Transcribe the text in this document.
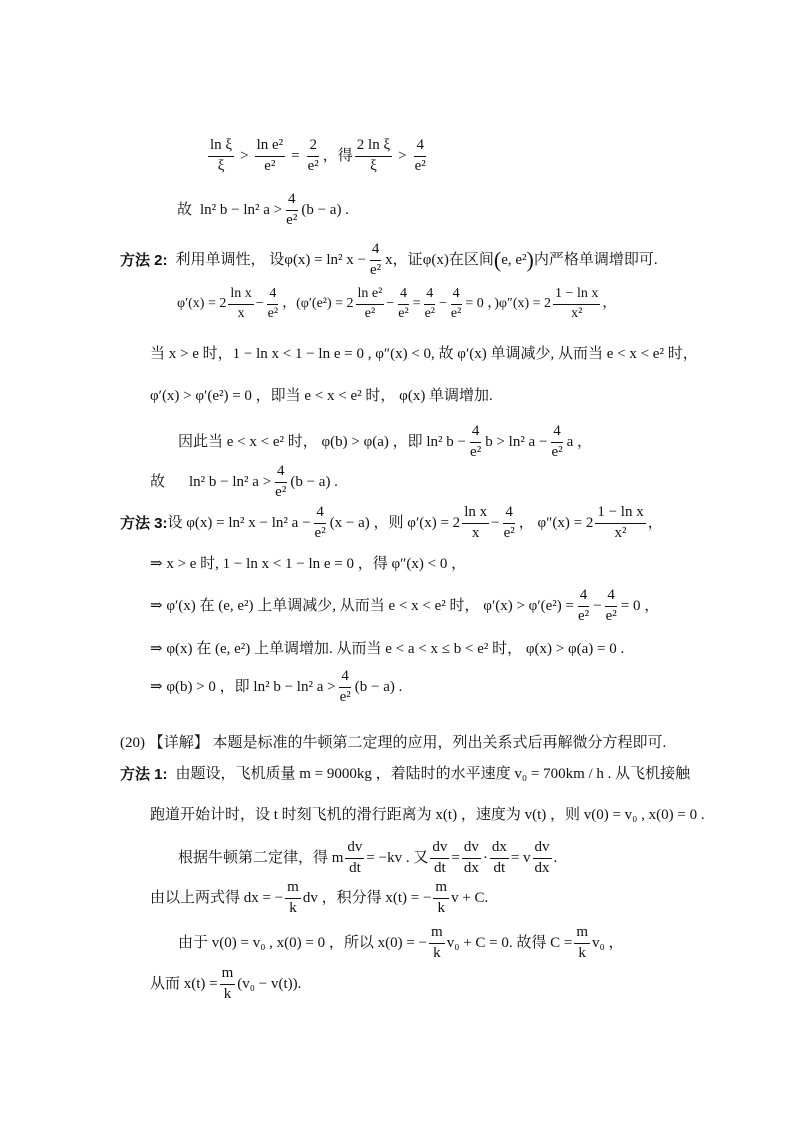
$\frac{\text{ln ξ}}{\xi} > \frac{\text{ln e²}}{\text{e²}} = \frac{2}{\text{e²}}$ ，得 $\frac{\text{2 ln ξ}}{\xi} > \frac{4}{\text{e²}}$
故 ln² b − ln² $a > \frac{4}{\text{e²}} (b - a)$ .
方法 2: 利用单调性， 设 φ(x) = ln² $x - \frac{4}{\text{e²}}$ x ，证 φ(x) 在区间 ( e, e² ) 内严格单调增即可.
$\varphi'(x) = 2 \frac{\text{ln x}}{x} - \frac{4}{\text{e²}}$ ，( $\varphi'(e^2) = 2 \frac{\text{ln e²}}{\text{e²}} - \frac{4}{\text{e²}} = \frac{4}{\text{e²}} - \frac{4}{\text{e²}} = 0$ ，) $\varphi''(x) = 2 \frac{\text{1 − ln x}}{\text{x²}}$ ，
当 x > e 时，1 − ln x < 1 − ln e = 0 , φ″(x) < 0, 故 φ′(x) 单调减少, 从而当 e < x < e² 时，
φ′(x) > φ′(e²) = 0 ，即当 e < x < e² 时， φ(x) 单调增加.
因此当 e < x < e² 时， φ(b) > φ(a) ，即 ln² $b - \frac{4}{\text{e²}}$ b > ln² $a - \frac{4}{\text{e²}}$ a ，
故 ln² b − ln² $a > \frac{4}{\text{e²}} (b - a)$ .
方法 3: 设 φ(x) = ln² x − ln² $a - \frac{4}{\text{e²}} (x - a)$ ，则 $\varphi'(x) = 2 \frac{\text{ln x}}{x} - \frac{4}{\text{e²}}$ ， $\varphi''(x) = 2 \frac{\text{1 − ln x}}{\text{x²}}$ ，
⇒ x > e 时, 1 − ln x < 1 − ln e = 0 ，得 φ″(x) < 0 ，
⇒ φ′(x) 在 (e, e²) 上单调减少, 从而当 e < x < e² 时， $\varphi'(x) > \varphi'(e^2) = \frac{4}{\text{e²}} - \frac{4}{\text{e²}} = 0$ ，
⇒ φ(x) 在 (e, e²) 上单调增加. 从而当 e < a < x ≤ b < e² 时， φ(x) > φ(a) = 0 .
⇒ φ(b) > 0 ，即 ln² b − ln² $a > \frac{4}{\text{e²}} (b - a)$ .
(20) 【详解】 本题是标准的牛顿第二定理的应用，列出关系式后再解微分方程即可.
方法 1: 由题设，飞机质量 m = 9000kg ，着陆时的水平速度 v₀ = 700km / h . 从飞机接触
跑道开始计时，设 t 时刻飞机的滑行距离为 x(t) ，速度为 v(t) ，则 v(0) = v₀ , x(0) = 0 .
根据牛顿第二定律，得 m $\frac{dv}{dt} = -kv$ . 又 $\frac{dv}{dt} = \frac{dv}{dx} \cdot \frac{dx}{dt} = v \frac{dv}{dx}$ .
由以上两式得 dx = − $\frac{m}{k}$ dv ，积分得 x(t) = − $\frac{m}{k}$ v + C.
由于 v(0) = v₀ , x(0) = 0 ，所以 x(0) = − $\frac{m}{k} v_0 + C = 0$. 故得 $C = \frac{m}{k} v_0$ ，
从而 $x(t) = \frac{m}{k} (v_0 - v(t))$.
